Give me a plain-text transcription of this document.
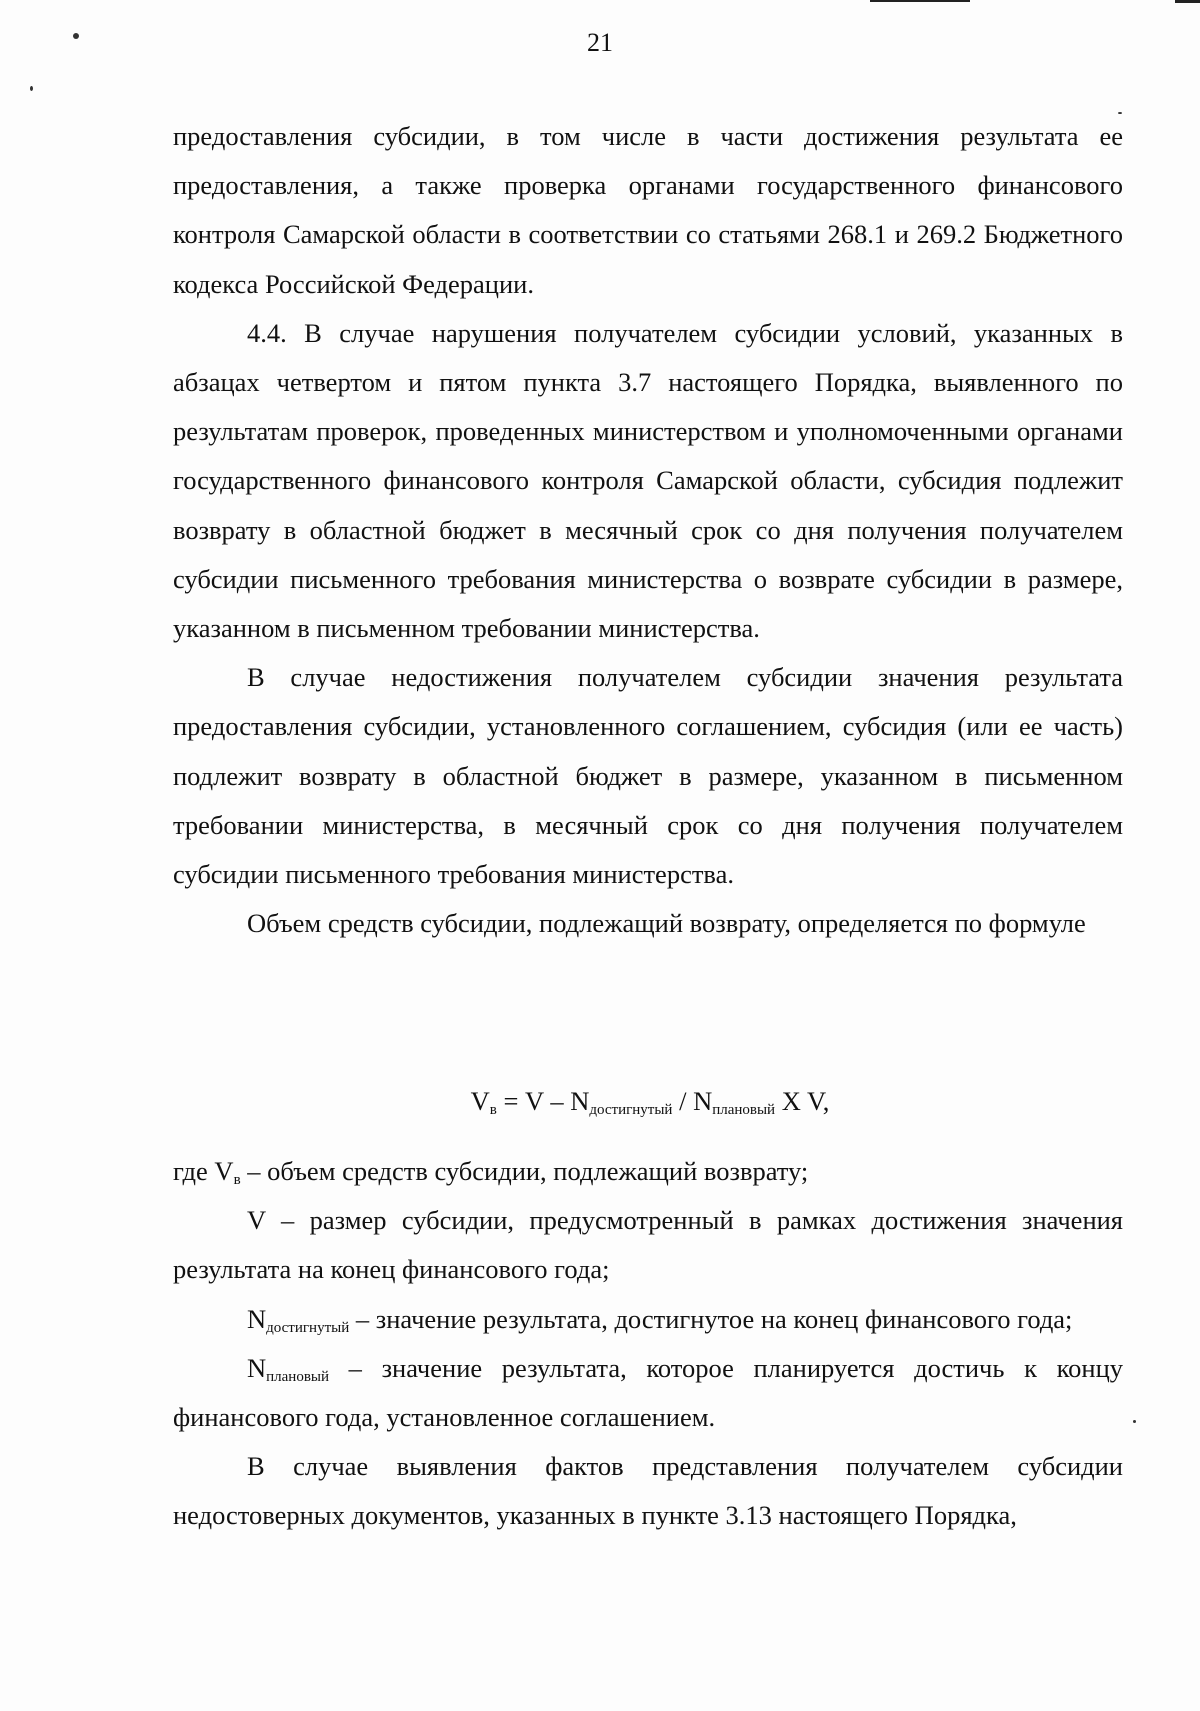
21

предоставления субсидии, в том числе в части достижения результата ее предоставления, а также проверка органами государственного финансового контроля Самарской области в соответствии со статьями 268.1 и 269.2 Бюджетного кодекса Российской Федерации.

4.4. В случае нарушения получателем субсидии условий, указанных в абзацах четвертом и пятом пункта 3.7 настоящего Порядка, выявленного по результатам проверок, проведенных министерством и уполномоченными органами государственного финансового контроля Самарской области, субсидия подлежит возврату в областной бюджет в месячный срок со дня получения получателем субсидии письменного требования министерства о возврате субсидии в размере, указанном в письменном требовании министерства.

В случае недостижения получателем субсидии значения результата предоставления субсидии, установленного соглашением, субсидия (или ее часть) подлежит возврату в областной бюджет в размере, указанном в письменном требовании министерства, в месячный срок со дня получения получателем субсидии письменного требования министерства.

Объем средств субсидии, подлежащий возврату, определяется по формуле

$V_в = V - N_{достигнутый} / N_{плановый}$ X V,

где $V_в$ – объем средств субсидии, подлежащий возврату;

V – размер субсидии, предусмотренный в рамках достижения значения результата на конец финансового года;

$N_{достигнутый}$ – значение результата, достигнутое на конец финансового года;

$N_{плановый}$ – значение результата, которое планируется достичь к концу финансового года, установленное соглашением.

В случае выявления фактов представления получателем субсидии недостоверных документов, указанных в пункте 3.13 настоящего Порядка,
